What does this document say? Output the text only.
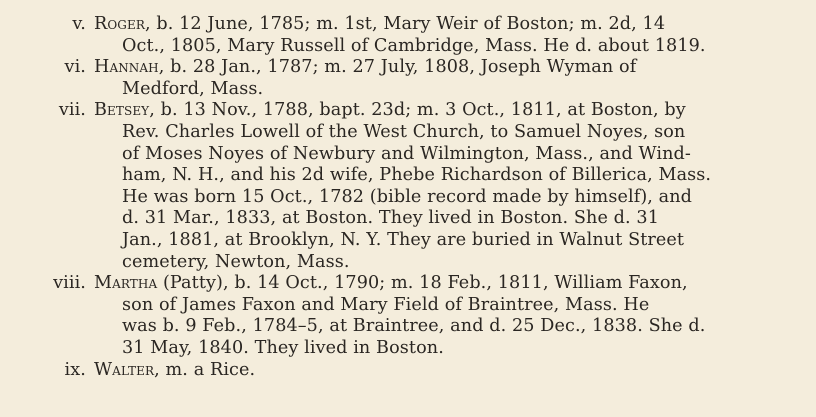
v. Roger, b. 12 June, 1785; m. 1st, Mary Weir of Boston; m. 2d, 14
Oct., 1805, Mary Russell of Cambridge, Mass. He d. about 1819.
vi. Hannah, b. 28 Jan., 1787; m. 27 July, 1808, Joseph Wyman of
Medford, Mass.
vii. Betsey, b. 13 Nov., 1788, bapt. 23d; m. 3 Oct., 1811, at Boston, by
Rev. Charles Lowell of the West Church, to Samuel Noyes, son
of Moses Noyes of Newbury and Wilmington, Mass., and Wind-
ham, N. H., and his 2d wife, Phebe Richardson of Billerica, Mass.
He was born 15 Oct., 1782 (bible record made by himself), and
d. 31 Mar., 1833, at Boston. They lived in Boston. She d. 31
Jan., 1881, at Brooklyn, N. Y. They are buried in Walnut Street
cemetery, Newton, Mass.
viii. Martha (Patty), b. 14 Oct., 1790; m. 18 Feb., 1811, William Faxon,
son of James Faxon and Mary Field of Braintree, Mass. He
was b. 9 Feb., 1784–5, at Braintree, and d. 25 Dec., 1838. She d.
31 May, 1840. They lived in Boston.
ix. Walter, m. a Rice.
